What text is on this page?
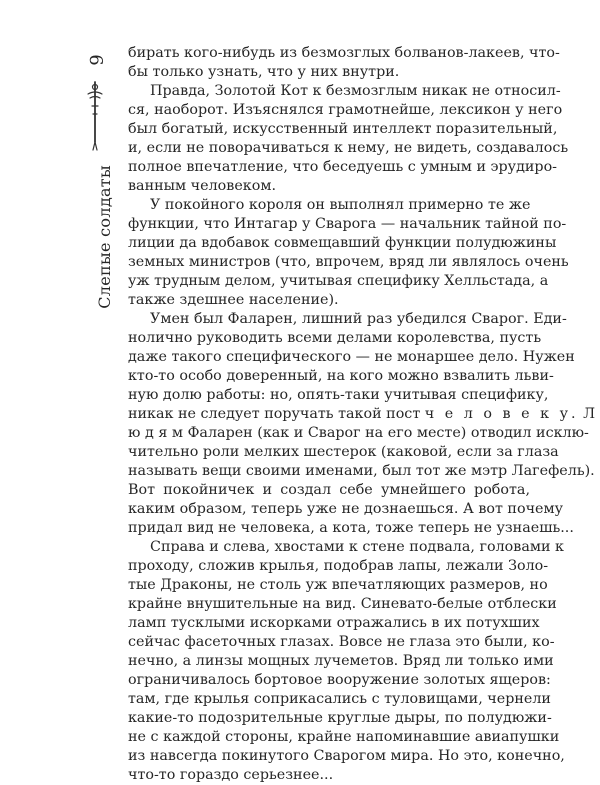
6
Слепые солдаты
бирать кого-нибудь из безмозглых болванов-лакеев, что-
бы только узнать, что у них внутри.
Правда, Золотой Кот к безмозглым никак не относил-
ся, наоборот. Изъяснялся грамотнейше, лексикон у него
был богатый, искусственный интеллект поразительный,
и, если не поворачиваться к нему, не видеть, создавалось
полное впечатление, что беседуешь с умным и эрудиро-
ванным человеком.
У покойного короля он выполнял примерно те же
функции, что Интагар у Сварога — начальник тайной по-
лиции да вдобавок совмещавший функции полудюжины
земных министров (что, впрочем, вряд ли являлось очень
уж трудным делом, учитывая специфику Хелльстада, а
также здешнее население).
Умен был Фаларен, лишний раз убедился Сварог. Еди-
нолично руководить всеми делами королевства, пусть
даже такого специфического — не монаршее дело. Нужен
кто-то особо доверенный, на кого можно взвалить льви-
ную долю работы: но, опять-таки учитывая специфику,
никак не следует поручать такой пост ч е л о в е к у. Л
ю д я м Фаларен (как и Сварог на его месте) отводил исклю-
чительно роли мелких шестерок (каковой, если за глаза
называть вещи своими именами, был тот же мэтр Лагефель).
Вот покойничек и создал себе умнейшего робота,
каким образом, теперь уже не дознаешься. А вот почему
придал вид не человека, а кота, тоже теперь не узнаешь...
Справа и слева, хвостами к стене подвала, головами к
проходу, сложив крылья, подобрав лапы, лежали Золо-
тые Драконы, не столь уж впечатляющих размеров, но
крайне внушительные на вид. Синевато-белые отблески
ламп тусклыми искорками отражались в их потухших
сейчас фасеточных глазах. Вовсе не глаза это были, ко-
нечно, а линзы мощных лучеметов. Вряд ли только ими
ограничивалось бортовое вооружение золотых ящеров:
там, где крылья соприкасались с туловищами, чернели
какие-то подозрительные круглые дыры, по полудюжи-
не с каждой стороны, крайне напоминавшие авиапушки
из навсегда покинутого Сварогом мира. Но это, конечно,
что-то гораздо серьезнее...
